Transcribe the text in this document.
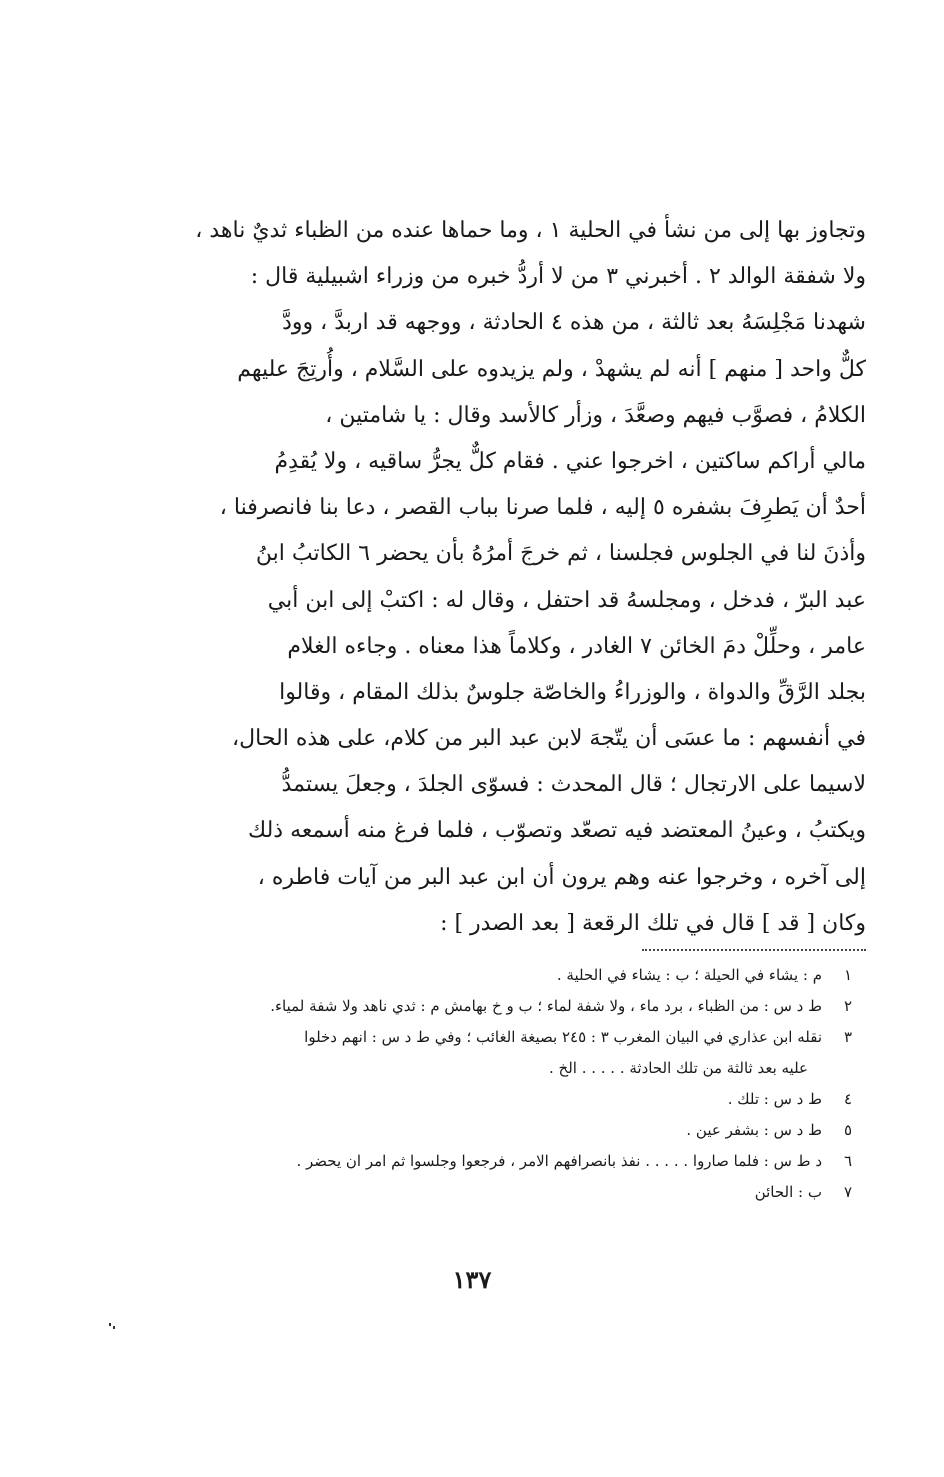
وتجاوز بها إلى من نشأ في الحلية ١ ، وما حماها عنده من الظباء ثديٌ ناهد ،
ولا شفقة الوالد ٢ . أخبرني ٣ من لا أردُّ خبره من وزراء اشبيلية قال :
شهدنا مَجْلِسَهُ بعد ثالثة ، من هذه ٤ الحادثة ، ووجهه قد اربدَّ ، وودَّ
كلٌّ واحد [ منهم ] أنه لم يشهدْ ، ولم يزيدوه على السَّلام ، وأُرتِجَ عليهم
الكلامُ ، فصوَّب فيهم وصعَّدَ ، وزأر كالأسد وقال : يا شامتين ،
مالي أراكم ساكتين ، اخرجوا عني . فقام كلٌّ يجرُّ ساقيه ، ولا يُقدِمُ
أحدٌ أن يَطرِفَ بشفره ٥ إليه ، فلما صرنا بباب القصر ، دعا بنا فانصرفنا ،
وأذنَ لنا في الجلوس فجلسنا ، ثم خرجَ أمرُهُ بأن يحضر ٦ الكاتبُ ابنُ
عبد البرّ ، فدخل ، ومجلسهُ قد احتفل ، وقال له : اكتبْ إلى ابن أبي
عامر ، وحلِّلْ دمَ الخائن ٧ الغادر ، وكلاماً هذا معناه . وجاءه الغلام
بجلد الرَّقِّ والدواة ، والوزراءُ والخاصّة جلوسٌ بذلك المقام ، وقالوا
في أنفسهم : ما عسَى أن يتّجهَ لابن عبد البر من كلام، على هذه الحال،
لاسيما على الارتجال ؛ قال المحدث : فسوّى الجلدَ ، وجعلَ يستمدُّ
ويكتبُ ، وعينُ المعتضد فيه تصعّد وتصوّب ، فلما فرغ منه أسمعه ذلك
إلى آخره ، وخرجوا عنه وهم يرون أن ابن عبد البر من آيات فاطره ،
وكان [ قد ] قال في تلك الرقعة [ بعد الصدر ] :
١
م : يشاء في الحيلة ؛ ب : يشاء في الحلية .
٢
ط د س : من الظباء ، برد ماء ، ولا شفة لماء ؛ ب و خ بهامش م : ثدي ناهد ولا شفة لمياء.
٣
نقله ابن عذاري في البيان المغرب ٣ : ٢٤٥ بصيغة الغائب ؛ وفي ط د س : انهم دخلوا
عليه بعد ثالثة من تلك الحادثة . . . . . الخ .
٤
ط د س : تلك .
٥
ط د س : بشفر عين .
٦
د ط س : فلما صاروا . . . . . نفذ بانصرافهم الامر ، فرجعوا وجلسوا ثم امر ان يحضر .
٧
ب : الحائن
١٣٧
